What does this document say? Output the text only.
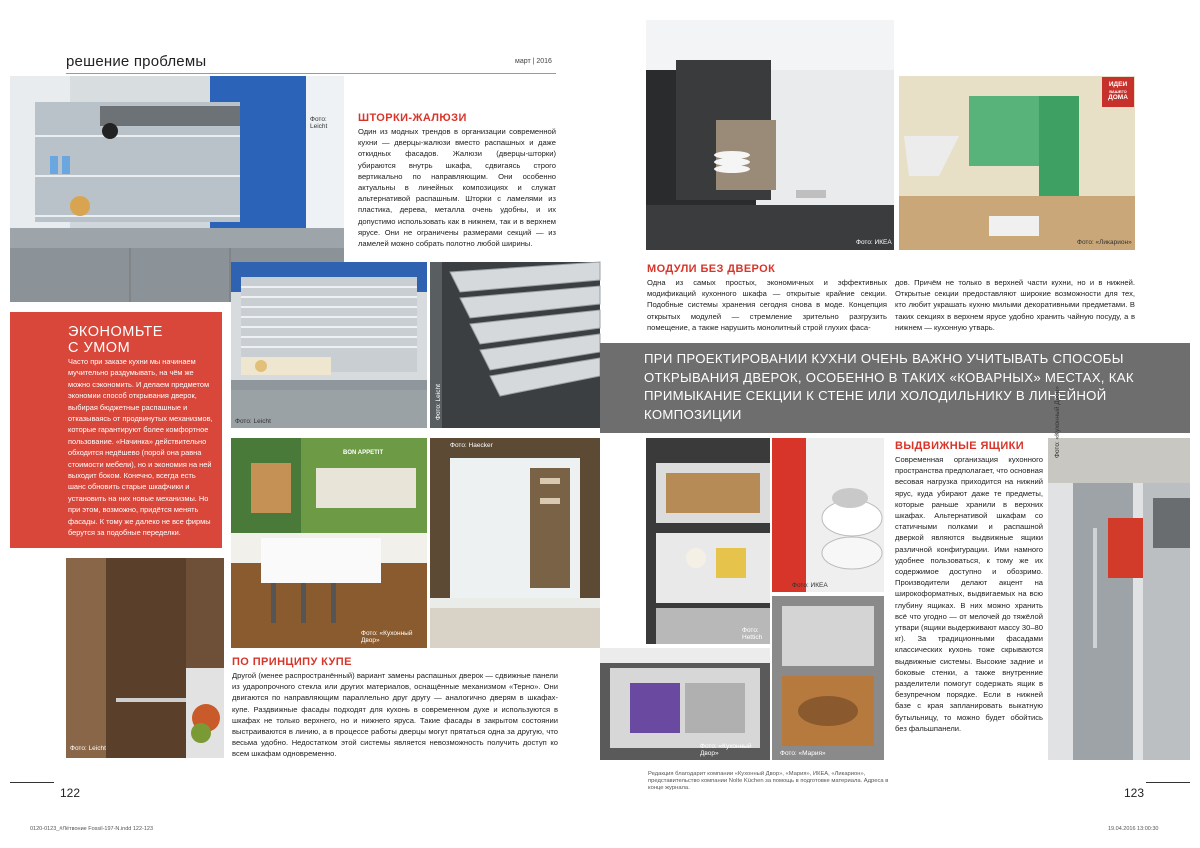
решение проблемы	март | 2016
Фото: Leicht
Фото: Leicht
Фото: Leicht
BON APPETIT
Фото: «Кухонный Двор»
Фото: Haecker
Фото: Leicht
ЭКОНОМЬТЕ
С УМОМ
Часто при заказе кухни мы начинаем мучительно раздумывать, на чём же можно сэкономить. И делаем предметом экономии способ открывания дверок, выбирая бюджетные распашные и отказываясь от продвинутых механизмов, которые гарантируют более комфортное пользование. «Начинка» действительно обходится недёшево (порой она равна стоимости мебели), но и экономия на ней выходит боком. Конечно, всегда есть шанс обновить старые шкафчики и установить на них новые механизмы. Но при этом, возможно, придётся менять фасады. К тому же далеко не все фирмы берутся за подобные переделки.
ШТОРКИ-ЖАЛЮЗИ
Один из модных трендов в организации современной кухни — дверцы-жалюзи вместо распашных и даже откидных фасадов. Жалюзи (дверцы-шторки) убираются внутрь шкафа, сдвигаясь строго вертикально по направляющим. Они особенно актуальны в линейных композициях и служат альтернативой распашным. Шторки с ламелями из пластика, дерева, металла очень удобны, и их допустимо использовать как в нижнем, так и в верхнем ярусе. Они не ограничены размерами секций — из ламелей можно собрать полотно любой ширины.
ПО ПРИНЦИПУ КУПЕ
Другой (менее распространённый) вариант замены распашных дверок — сдвижные панели из ударопрочного стекла или других материалов, оснащённые механизмом «Терно». Они двигаются по направляющим параллельно друг другу — аналогично дверям в шкафах-купе. Раздвижные фасады подходят для кухонь в современном духе и используются в шкафах не только верхнего, но и нижнего яруса. Такие фасады в закрытом состоянии выстраиваются в линию, а в процессе работы дверцы могут прятаться одна за другую, что весьма удобно. Недостатком этой системы является невозможность получить доступ ко всем шкафам одновременно.
Фото: ИКЕА	Фото: «Ликарион»
ИДЕИ
ВАШЕГО
ДОМА
МОДУЛИ БЕЗ ДВЕРОК
Одна из самых простых, экономичных и эффективных модификаций кухонного шкафа — открытые крайние секции. Подобные системы хранения сегодня снова в моде. Концепция открытых модулей — стремление зрительно разгрузить помещение, а также нарушить монолитный строй глухих фаса-
дов. Причём не только в верхней части кухни, но и в нижней. Открытые секции предоставляют широкие возможности для тех, кто любит украшать кухню милыми декоративными предметами. В таких секциях в верхнем ярусе удобно хранить чайную посуду, а в нижнем — кухонную утварь.
ПРИ ПРОЕКТИРОВАНИИ КУХНИ ОЧЕНЬ ВАЖНО УЧИТЫВАТЬ СПОСОБЫ ОТКРЫВАНИЯ ДВЕРОК, ОСОБЕННО В ТАКИХ «КОВАРНЫХ» МЕСТАХ, КАК ПРИМЫКАНИЕ СЕКЦИИ К СТЕНЕ ИЛИ ХОЛОДИЛЬНИКУ В ЛИНЕЙНОЙ КОМПОЗИЦИИ
Фото: Hettich
Фото: ИКЕА
Фото: «Кухонный Двор»	Фото: «Мария»
ВЫДВИЖНЫЕ ЯЩИКИ
Современная организация кухонного пространства предполагает, что основная весовая нагрузка приходится на нижний ярус, куда убирают даже те предметы, которые раньше хранили в верхних шкафах. Альтернативой шкафам со статичными полками и распашной дверкой являются выдвижные ящики различной конфигурации. Ими намного удобнее пользоваться, к тому же их содержимое доступно и обозримо. Производители делают акцент на широкоформатных, выдвигаемых на всю глубину ящиках. В них можно хранить всё что угодно — от мелочей до тяжёлой утвари (ящики выдерживают массу 30–80 кг). За традиционными фасадами классических кухонь тоже скрываются выдвижные системы. Высокие задние и боковые стенки, а также внутренние разделители помогут содержать ящик в безупречном порядке. Если в нижней базе с края запланировать выкатную бутыльницу, то можно будет обойтись без фальшпанели.
Фото: «Кухонный Двор»
Редакция благодарит компании «Кухонный Двор», «Мария», ИКЕА, «Ликарион», представительство компании Nolte Küchen за помощь в подготовке материала. Адреса в конце журнала.
122	123
0120-0123_#Лётвоние Fossil-197-N.indd 122-123	19.04.2016 13:00:30
